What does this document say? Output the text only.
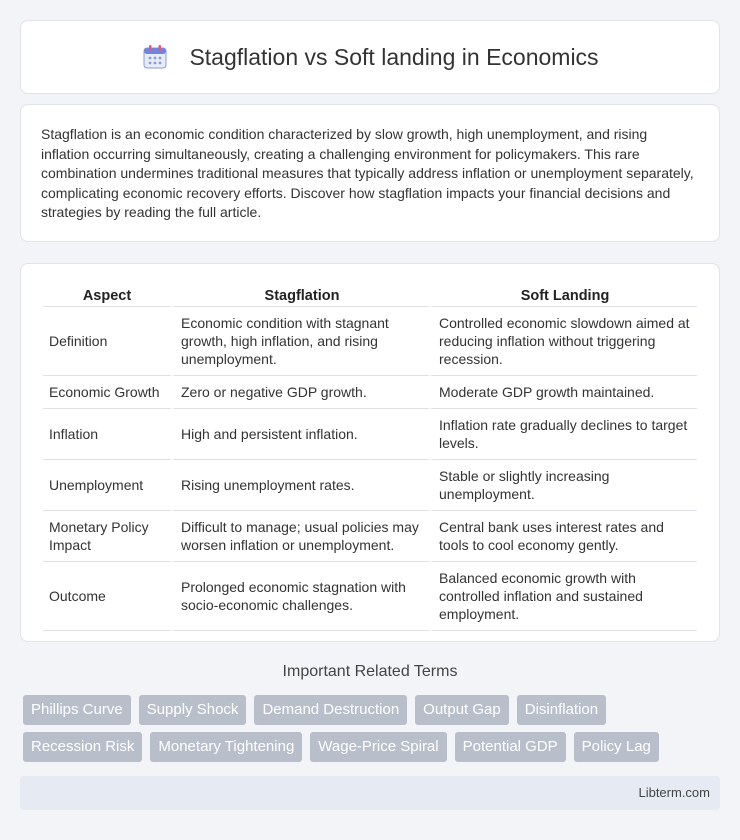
Stagflation vs Soft landing in Economics

Stagflation is an economic condition characterized by slow growth, high unemployment, and rising inflation occurring simultaneously, creating a challenging environment for policymakers. This rare combination undermines traditional measures that typically address inflation or unemployment separately, complicating economic recovery efforts. Discover how stagflation impacts your financial decisions and strategies by reading the full article.

Aspect	Stagflation	Soft Landing
Definition	Economic condition with stagnant growth, high inflation, and rising unemployment.	Controlled economic slowdown aimed at reducing inflation without triggering recession.
Economic Growth	Zero or negative GDP growth.	Moderate GDP growth maintained.
Inflation	High and persistent inflation.	Inflation rate gradually declines to target levels.
Unemployment	Rising unemployment rates.	Stable or slightly increasing unemployment.
Monetary Policy Impact	Difficult to manage; usual policies may worsen inflation or unemployment.	Central bank uses interest rates and tools to cool economy gently.
Outcome	Prolonged economic stagnation with socio-economic challenges.	Balanced economic growth with controlled inflation and sustained employment.
Important Related Terms
Phillips Curve	Supply Shock	Demand Destruction	Output Gap	Disinflation
Recession Risk	Monetary Tightening	Wage-Price Spiral	Potential GDP	Policy Lag
Libterm.com
